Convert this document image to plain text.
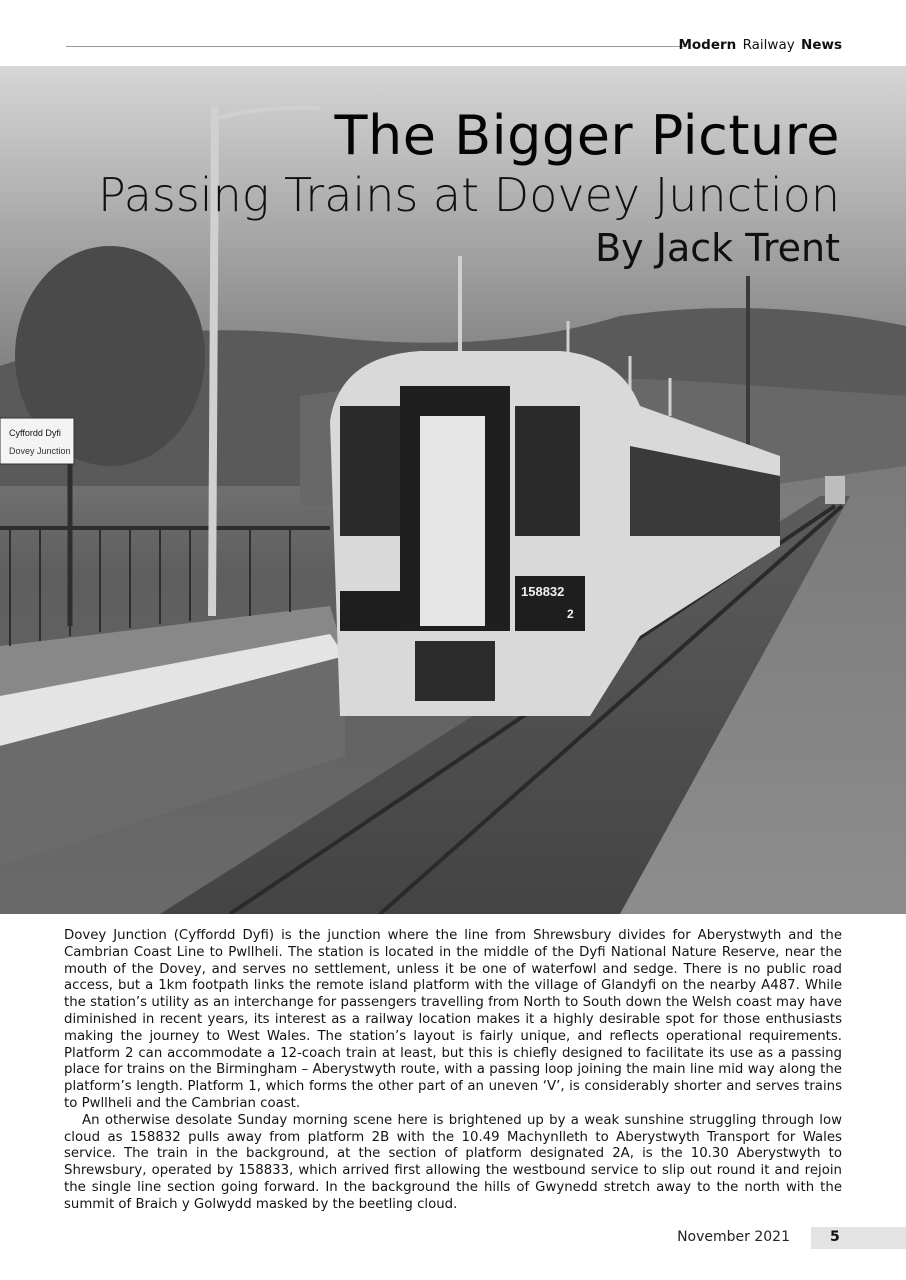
Modern Railway News
Cyffordd Dyfi
Dovey Junction
158832
2
The Bigger Picture
Passing Trains at Dovey Junction
By Jack Trent

Dovey Junction (Cyffordd Dyfi) is the junction where the line from Shrewsbury divides for Aberystwyth and the Cambrian Coast Line to Pwllheli. The station is located in the middle of the Dyfi National Nature Reserve, near the mouth of the Dovey, and serves no settlement, unless it be one of waterfowl and sedge. There is no public road access, but a 1km footpath links the remote island platform with the village of Glandyfi on the nearby A487. While the station’s utility as an interchange for passengers travelling from North to South down the Welsh coast may have diminished in recent years, its interest as a railway location makes it a highly desirable spot for those enthusiasts making the journey to West Wales. The station’s layout is fairly unique, and reflects operational requirements. Platform 2 can accommodate a 12-coach train at least, but this is chiefly designed to facilitate its use as a passing place for trains on the Birmingham – Aberystwyth route, with a passing loop joining the main line mid way along the platform’s length. Platform 1, which forms the other part of an uneven ‘V’, is considerably shorter and serves trains to Pwllheli and the Cambrian coast.

An otherwise desolate Sunday morning scene here is brightened up by a weak sunshine struggling through low cloud as 158832 pulls away from platform 2B with the 10.49 Machynlleth to Aberystwyth Transport for Wales service. The train in the background, at the section of platform designated 2A, is the 10.30 Aberystwyth to Shrewsbury, operated by 158833, which arrived first allowing the westbound service to slip out round it and rejoin the single line section going forward. In the background the hills of Gwynedd stretch away to the north with the summit of Braich y Golwydd masked by the beetling cloud.

November 2021	5
